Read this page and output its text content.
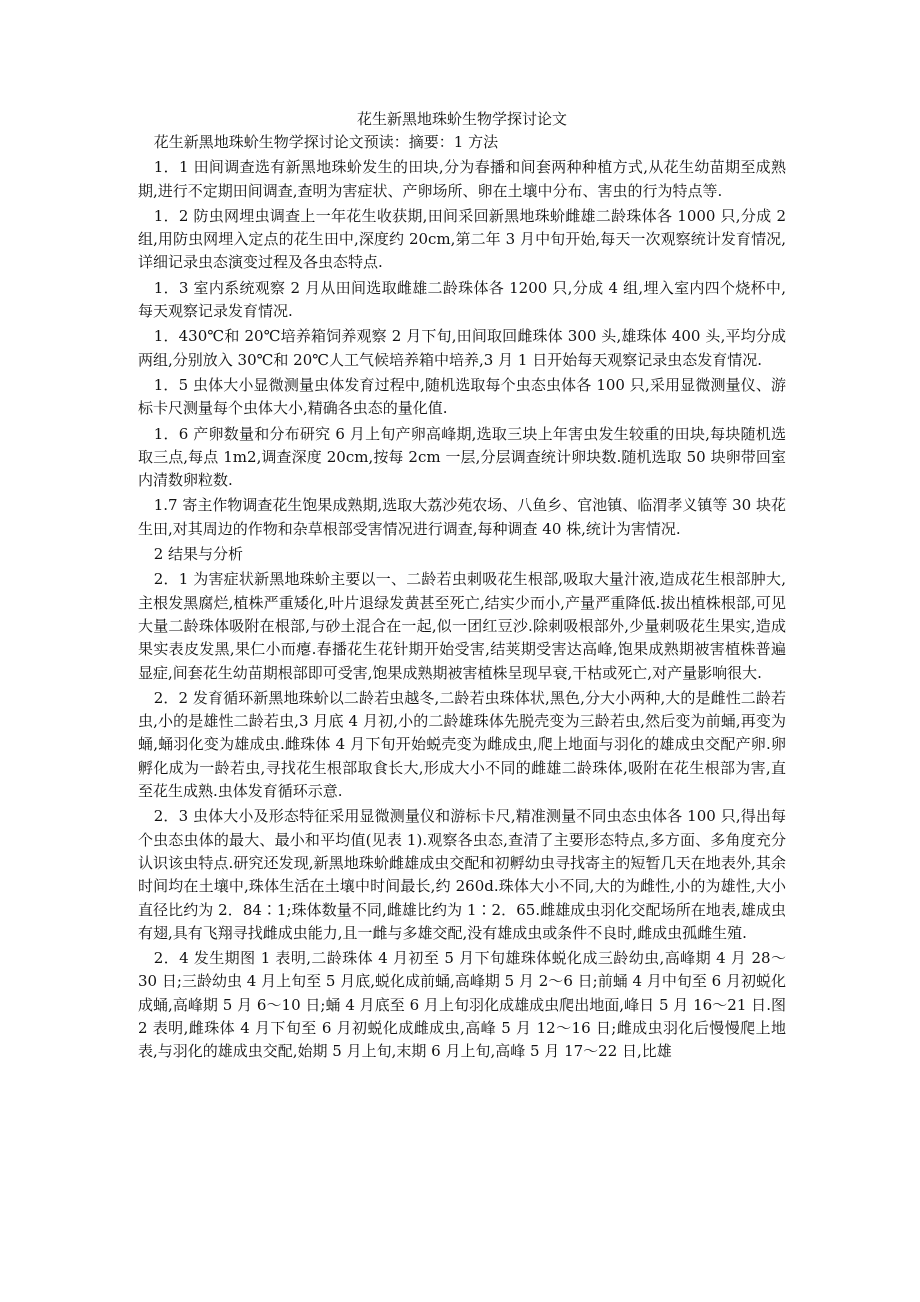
花生新黑地珠蚧生物学探讨论文

花生新黑地珠蚧生物学探讨论文预读：摘要：1 方法

1．1 田间调查选有新黑地珠蚧发生的田块,分为春播和间套两种种植方式,从花生幼苗期至成熟期,进行不定期田间调查,查明为害症状、产卵场所、卵在土壤中分布、害虫的行为特点等.

1．2 防虫网埋虫调查上一年花生收获期,田间采回新黑地珠蚧雌雄二龄珠体各 1000 只,分成 2 组,用防虫网埋入定点的花生田中,深度约 20cm,第二年 3 月中旬开始,每天一次观察统计发育情况,详细记录虫态演变过程及各虫态特点.

1．3 室内系统观察 2 月从田间选取雌雄二龄珠体各 1200 只,分成 4 组,埋入室内四个烧杯中,每天观察记录发育情况.

1．430℃和 20℃培养箱饲养观察 2 月下旬,田间取回雌珠体 300 头,雄珠体 400 头,平均分成两组,分别放入 30℃和 20℃人工气候培养箱中培养,3 月 1 日开始每天观察记录虫态发育情况.

1．5 虫体大小显微测量虫体发育过程中,随机选取每个虫态虫体各 100 只,采用显微测量仪、游标卡尺测量每个虫体大小,精确各虫态的量化值.

1．6 产卵数量和分布研究 6 月上旬产卵高峰期,选取三块上年害虫发生较重的田块,每块随机选取三点,每点 1m2,调查深度 20cm,按每 2cm 一层,分层调查统计卵块数.随机选取 50 块卵带回室内清数卵粒数.

1.7 寄主作物调查花生饱果成熟期,选取大荔沙苑农场、八鱼乡、官池镇、临渭孝义镇等 30 块花生田,对其周边的作物和杂草根部受害情况进行调查,每种调查 40 株,统计为害情况.

2 结果与分析

2．1 为害症状新黑地珠蚧主要以一、二龄若虫刺吸花生根部,吸取大量汁液,造成花生根部肿大,主根发黑腐烂,植株严重矮化,叶片退绿发黄甚至死亡,结实少而小,产量严重降低.拔出植株根部,可见大量二龄珠体吸附在根部,与砂土混合在一起,似一团红豆沙.除刺吸根部外,少量刺吸花生果实,造成果实表皮发黑,果仁小而瘪.春播花生花针期开始受害,结荚期受害达高峰,饱果成熟期被害植株普遍显症,间套花生幼苗期根部即可受害,饱果成熟期被害植株呈现早衰,干枯或死亡,对产量影响很大.

2．2 发育循环新黑地珠蚧以二龄若虫越冬,二龄若虫珠体状,黑色,分大小两种,大的是雌性二龄若虫,小的是雄性二龄若虫,3 月底 4 月初,小的二龄雄珠体先脱壳变为三龄若虫,然后变为前蛹,再变为蛹,蛹羽化变为雄成虫.雌珠体 4 月下旬开始蜕壳变为雌成虫,爬上地面与羽化的雄成虫交配产卵.卵孵化成为一龄若虫,寻找花生根部取食长大,形成大小不同的雌雄二龄珠体,吸附在花生根部为害,直至花生成熟.虫体发育循环示意.

2．3 虫体大小及形态特征采用显微测量仪和游标卡尺,精准测量不同虫态虫体各 100 只,得出每个虫态虫体的最大、最小和平均值(见表 1).观察各虫态,查清了主要形态特点,多方面、多角度充分认识该虫特点.研究还发现,新黑地珠蚧雌雄成虫交配和初孵幼虫寻找寄主的短暂几天在地表外,其余时间均在土壤中,珠体生活在土壤中时间最长,约 260d.珠体大小不同,大的为雌性,小的为雄性,大小直径比约为 2．84∶1;珠体数量不同,雌雄比约为 1∶2．65.雌雄成虫羽化交配场所在地表,雄成虫有翅,具有飞翔寻找雌成虫能力,且一雌与多雄交配,没有雄成虫或条件不良时,雌成虫孤雌生殖.

2．4 发生期图 1 表明,二龄珠体 4 月初至 5 月下旬雄珠体蜕化成三龄幼虫,高峰期 4 月 28～30 日;三龄幼虫 4 月上旬至 5 月底,蜕化成前蛹,高峰期 5 月 2～6 日;前蛹 4 月中旬至 6 月初蜕化成蛹,高峰期 5 月 6～10 日;蛹 4 月底至 6 月上旬羽化成雄成虫爬出地面,峰日 5 月 16～21 日.图 2 表明,雌珠体 4 月下旬至 6 月初蜕化成雌成虫,高峰 5 月 12～16 日;雌成虫羽化后慢慢爬上地表,与羽化的雄成虫交配,始期 5 月上旬,末期 6 月上旬,高峰 5 月 17～22 日,比雄
